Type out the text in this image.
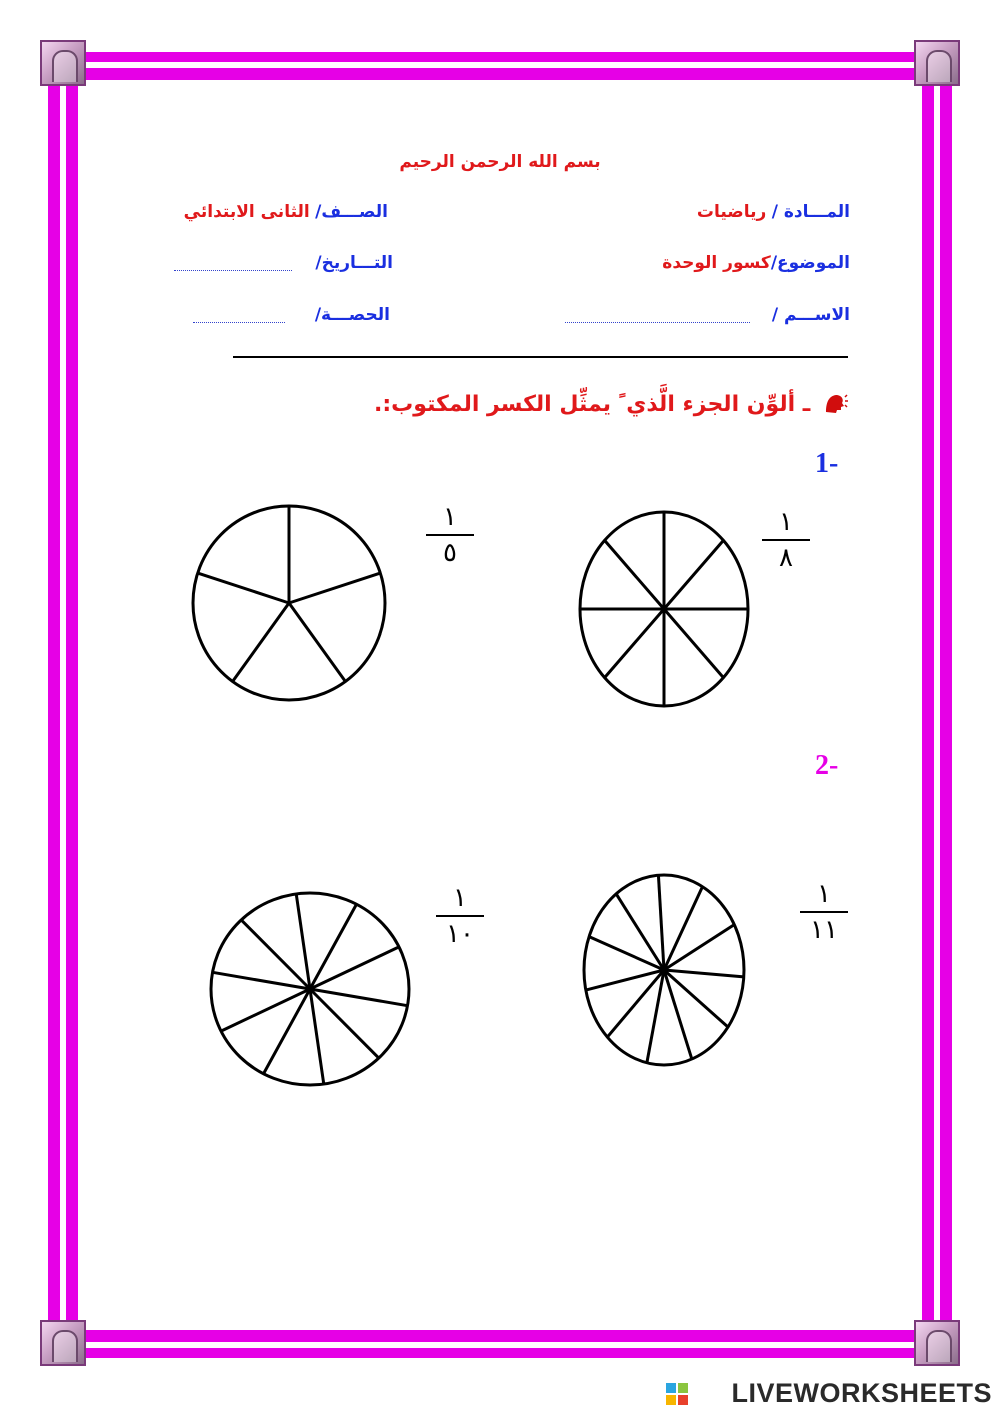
بسم الله الرحمن الرحيم
المـــادة / رياضيات
الصـــف/ الثانى الابتدائي
الموضوع/كسور الوحدة
التـــاريخ/
الاســـم /
الحصـــة/
ـ ألوِّن الجزء الَّذي ً يمثِّل الكسر المكتوب:.
1-
١
٨
١
٥
2-
١
١١
١
١٠
LIVEWORKSHEETS
